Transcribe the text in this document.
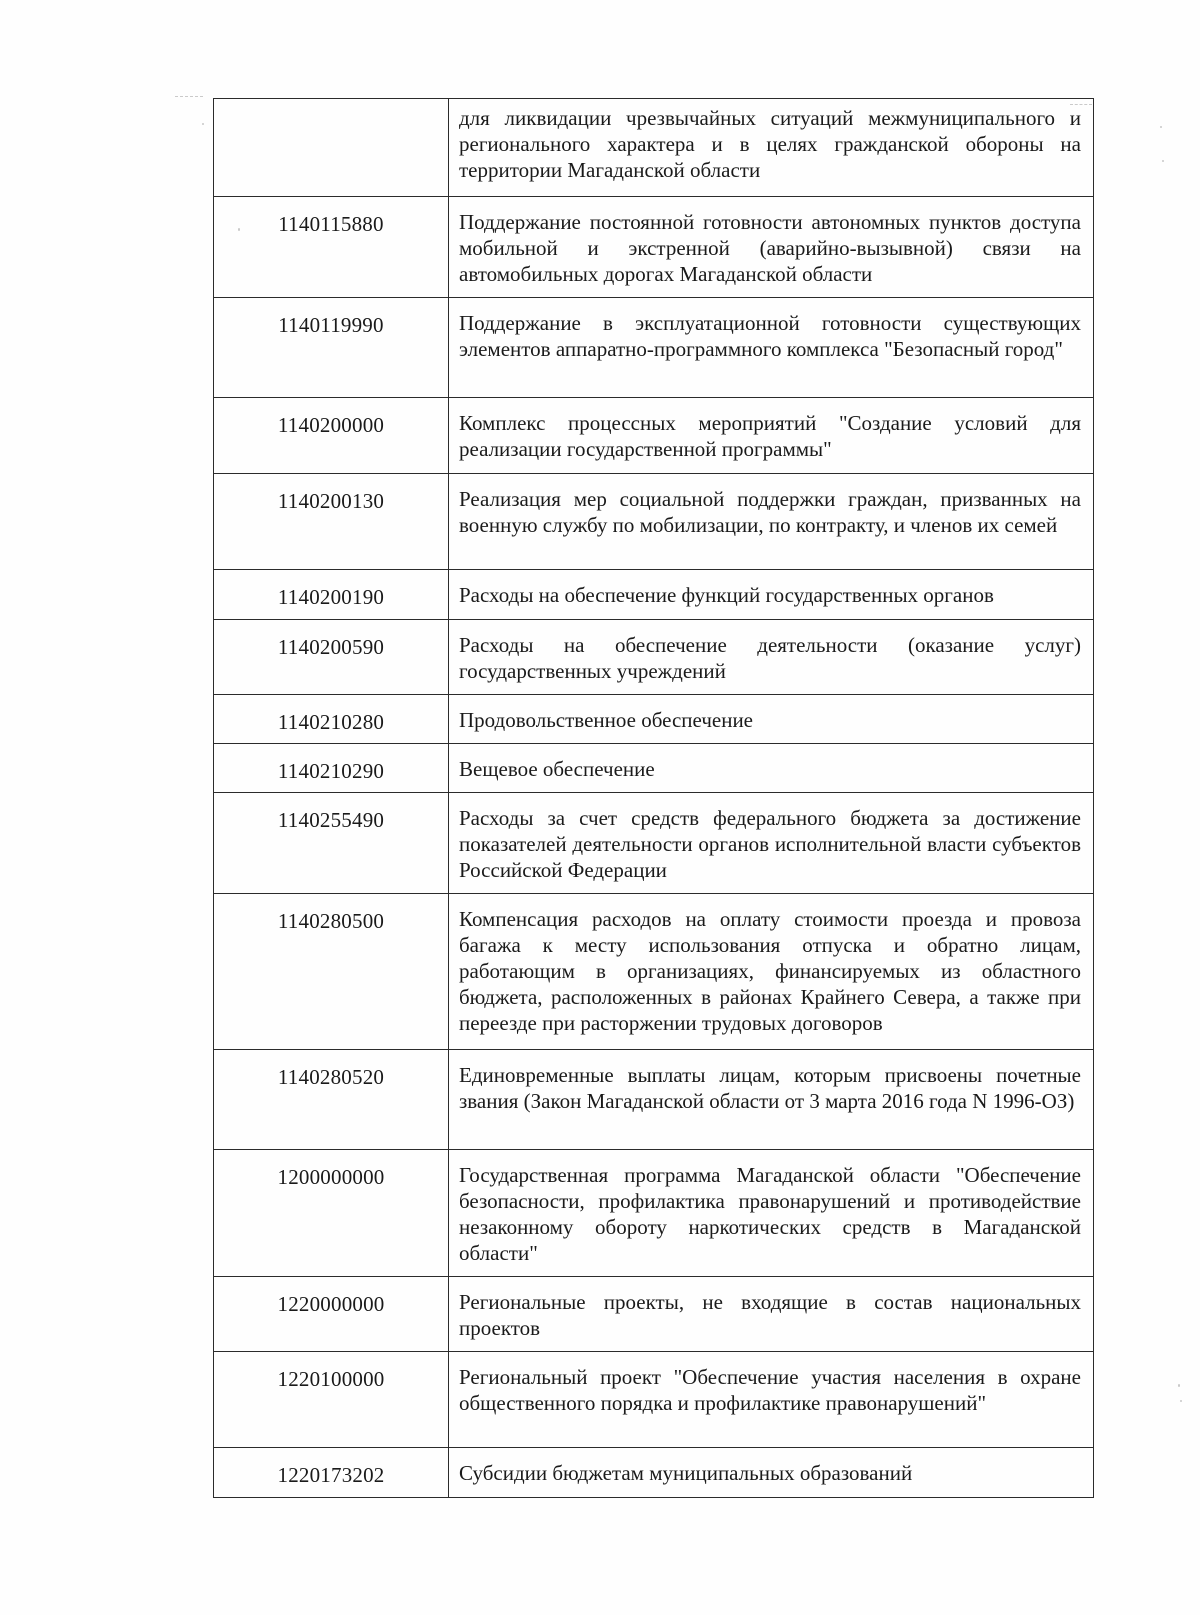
	для ликвидации чрезвычайных ситуаций межмуниципального и регионального характера и в целях гражданской обороны на территории Магаданской области

1140115880	Поддержание постоянной готовности автономных пунктов доступа мобильной и экстренной (аварийно-вызывной) связи на автомобильных дорогах Магаданской области

1140119990	Поддержание в эксплуатационной готовности существующих элементов аппаратно-программного комплекса "Безопасный город"

1140200000	Комплекс процессных мероприятий "Создание условий для реализации государственной программы"

1140200130	Реализация мер социальной поддержки граждан, призванных на военную службу по мобилизации, по контракту, и членов их семей

1140200190	Расходы на обеспечение функций государственных органов

1140200590	Расходы на обеспечение деятельности (оказание услуг) государственных учреждений

1140210280	Продовольственное обеспечение

1140210290	Вещевое обеспечение

1140255490	Расходы за счет средств федерального бюджета за достижение показателей деятельности органов исполнительной власти субъектов Российской Федерации

1140280500	Компенсация расходов на оплату стоимости проезда и провоза багажа к месту использования отпуска и обратно лицам, работающим в организациях, финансируемых из областного бюджета, расположенных в районах Крайнего Севера, а также при переезде при расторжении трудовых договоров

1140280520	Единовременные выплаты лицам, которым присвоены почетные звания (Закон Магаданской области от 3 марта 2016 года N 1996-ОЗ)

1200000000	Государственная программа Магаданской области "Обеспечение безопасности, профилактика правонарушений и противодействие незаконному обороту наркотических средств в Магаданской области"

1220000000	Региональные проекты, не входящие в состав национальных проектов

1220100000	Региональный проект "Обеспечение участия населения в охране общественного порядка и профилактике правонарушений"

1220173202	Субсидии бюджетам муниципальных образований
